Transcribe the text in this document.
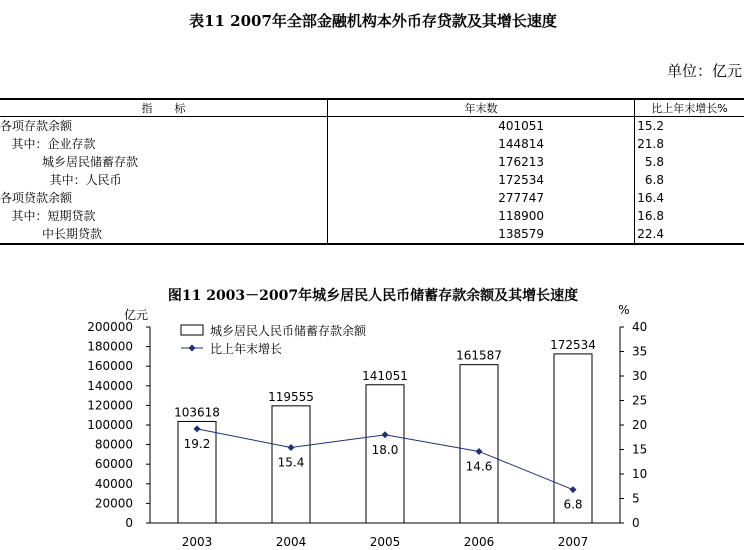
表11 2007年全部金融机构本外币存贷款及其增长速度
单位：亿元
指　　标	年末数	比上年末增长%
各项存款余额	401051	15.2
其中：企业存款	144814	21.8
城乡居民储蓄存款	176213	5.8
其中：人民币	172534	6.8
各项贷款余额	277747	16.4
其中：短期贷款	118900	16.8
中长期贷款	138579	22.4
图11 2003－2007年城乡居民人民币储蓄存款余额及其增长速度
亿元	%
0
20000
40000
60000
80000
100000
120000
140000
160000
180000
200000
0
5
10
15
20
25
30
35
40
103618
119555
141051
161587
172534
19.2
15.4
18.0
14.6
6.8
2003	2004	2005	2006	2007
城乡居民人民币储蓄存款余额
比上年末增长
